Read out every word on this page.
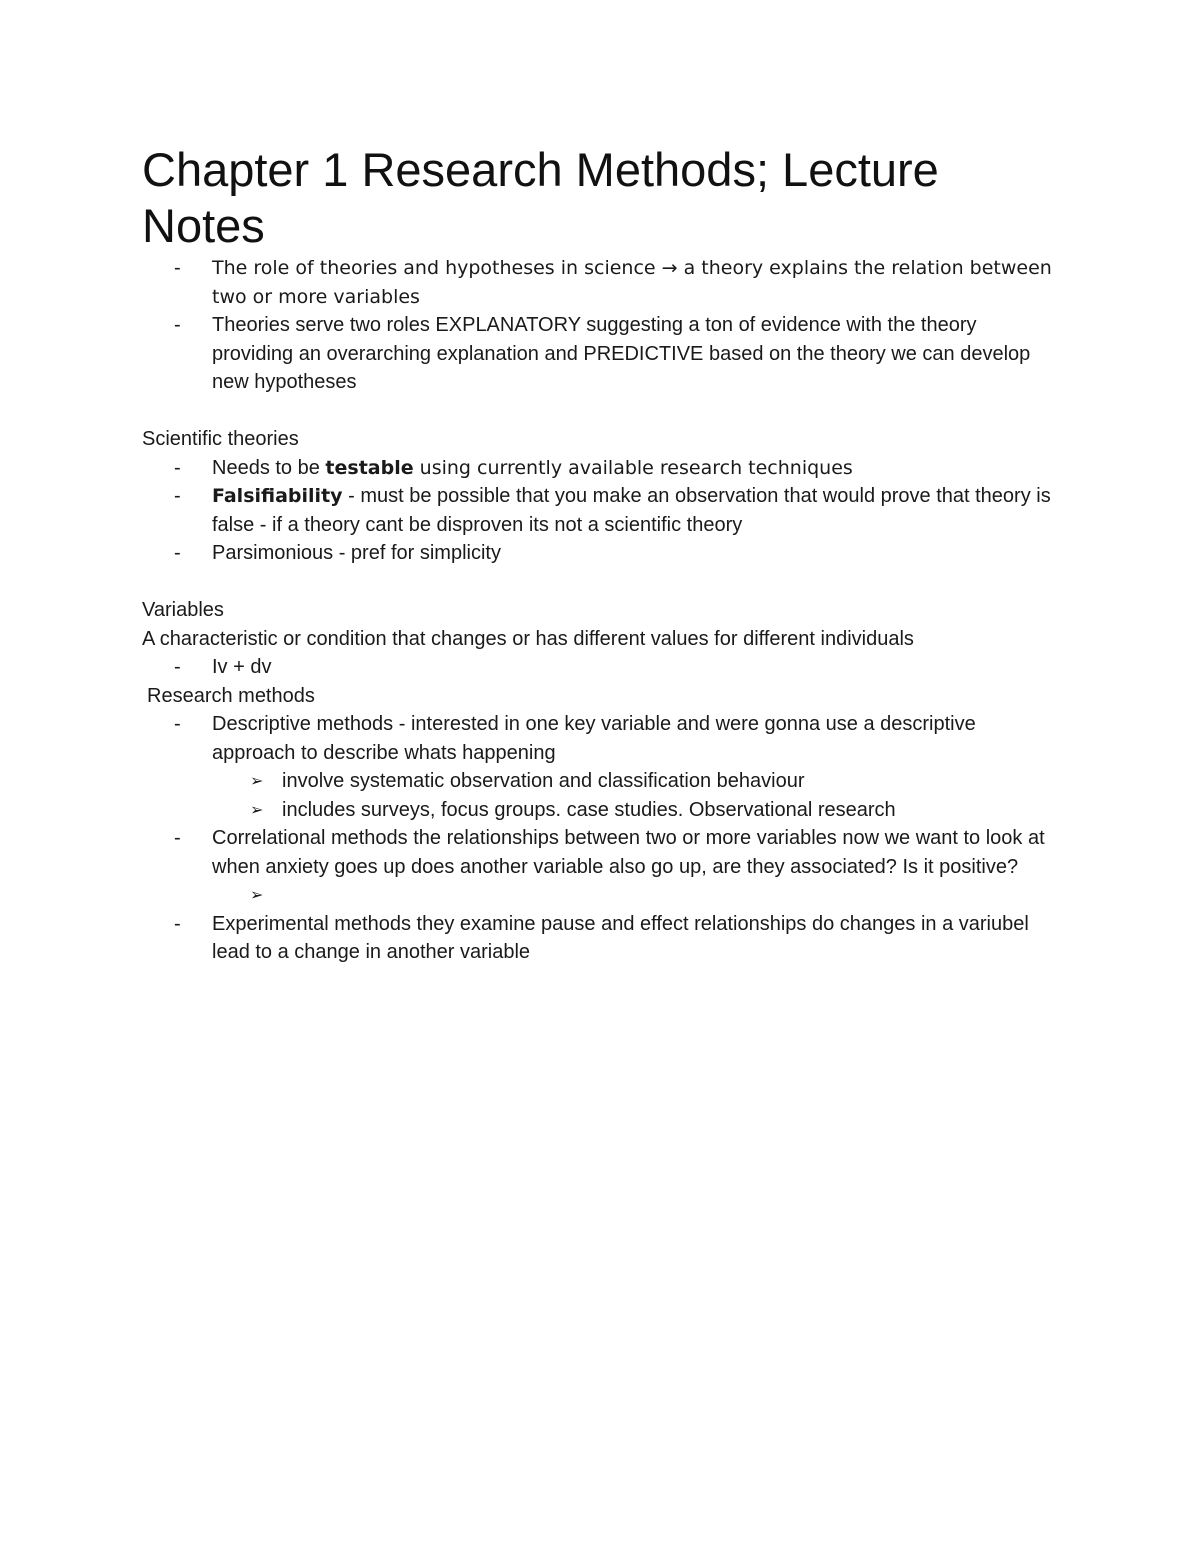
Chapter 1 Research Methods; Lecture Notes
- The role of theories and hypotheses in science → a theory explains the relation between two or more variables
- Theories serve two roles EXPLANATORY suggesting a ton of evidence with the theory providing an overarching explanation and PREDICTIVE based on the theory we can develop new hypotheses

Scientific theories

- Needs to be testable using currently available research techniques
- Falsifiability - must be possible that you make an observation that would prove that theory is false - if a theory cant be disproven its not a scientific theory
- Parsimonious - pref for simplicity

Variables

A characteristic or condition that changes or has different values for different individuals

- Iv + dv

Research methods

- Descriptive methods - interested in one key variable and were gonna use a descriptive approach to describe whats happening
➢ involve systematic observation and classification behaviour
➢ includes surveys, focus groups. case studies. Observational research
- Correlational methods the relationships between two or more variables now we want to look at when anxiety goes up does another variable also go up, are they associated? Is it positive?
➢
- Experimental methods they examine pause and effect relationships do changes in a variubel lead to a change in another variable
